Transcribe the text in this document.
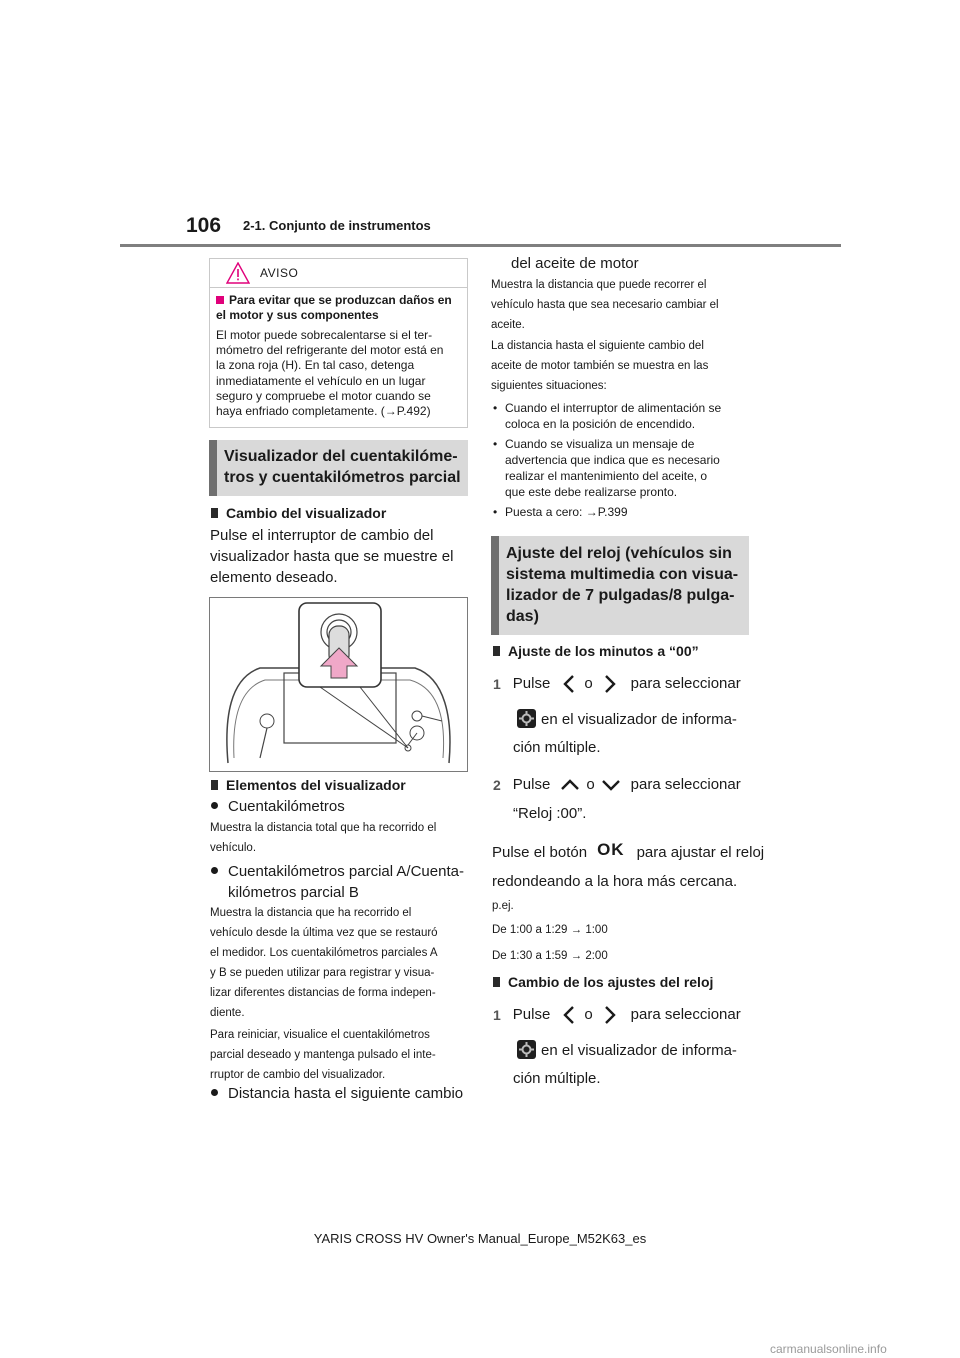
106 2-1. Conjunto de instrumentos
AVISO
Para evitar que se produzcan daños en el motor y sus componentes
El motor puede sobrecalentarse si el ter-
mómetro del refrigerante del motor está en
la zona roja (H). En tal caso, detenga
inmediatamente el vehículo en un lugar
seguro y compruebe el motor cuando se
haya enfriado completamente. (→P.492)
Visualizador del cuentakilóme-
tros y cuentakilómetros parcial
Cambio del visualizador
Pulse el interruptor de cambio del
visualizador hasta que se muestre el
elemento deseado.
Elementos del visualizador
Cuentakilómetros
Muestra la distancia total que ha recorrido el
vehículo.
Cuentakilómetros parcial A/Cuenta-
kilómetros parcial B
Muestra la distancia que ha recorrido el
vehículo desde la última vez que se restauró
el medidor. Los cuentakilómetros parciales A
y B se pueden utilizar para registrar y visua-
lizar diferentes distancias de forma indepen-
diente.
Para reiniciar, visualice el cuentakilómetros
parcial deseado y mantenga pulsado el inte-
rruptor de cambio del visualizador.
Distancia hasta el siguiente cambio
del aceite de motor
Muestra la distancia que puede recorrer el
vehículo hasta que sea necesario cambiar el
aceite.
La distancia hasta el siguiente cambio del
aceite de motor también se muestra en las
siguientes situaciones:
• Cuando el interruptor de alimentación se
coloca en la posición de encendido.
• Cuando se visualiza un mensaje de
advertencia que indica que es necesario
realizar el mantenimiento del aceite, o
que este debe realizarse pronto.
• Puesta a cero: →P.399
Ajuste del reloj (vehículos sin
sistema multimedia con visua-
lizador de 7 pulgadas/8 pulga-
das)
Ajuste de los minutos a “00”
1 Pulse o	para seleccionar
en el visualizador de informa-
ción múltiple.
2 Pulse o para seleccionar
“Reloj :00”.
Pulse el botón OK para ajustar el reloj
redondeando a la hora más cercana.
p.ej.
De 1:00 a 1:29 → 1:00
De 1:30 a 1:59 → 2:00
Cambio de los ajustes del reloj
1 Pulse o	para seleccionar
en el visualizador de informa-
ción múltiple.
YARIS CROSS HV Owner's Manual_Europe_M52K63_es
carmanualsonline.info
